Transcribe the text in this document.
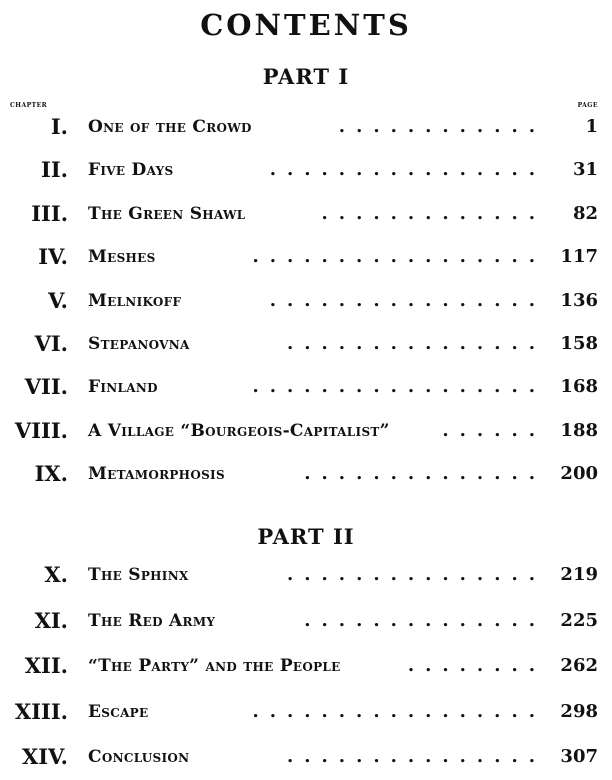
CONTENTS
PART I
CHAPTER	PAGE
PART II
I. One of the Crowd	............ 1
II. Five Days	................ 31
III. The Green Shawl	............. 82
IV. Meshes	................. 117
V. Melnikoff	................ 136
VI. Stepanovna	............... 158
VII. Finland	................. 168
VIII. A Village “Bourgeois-Capitalist”	...... 188
IX. Metamorphosis	.............. 200
X. The Sphinx	............... 219
XI. The Red Army	.............. 225
XII. “The Party” and the People	........ 262
XIII. Escape	................. 298
XIV. Conclusion	............... 307
